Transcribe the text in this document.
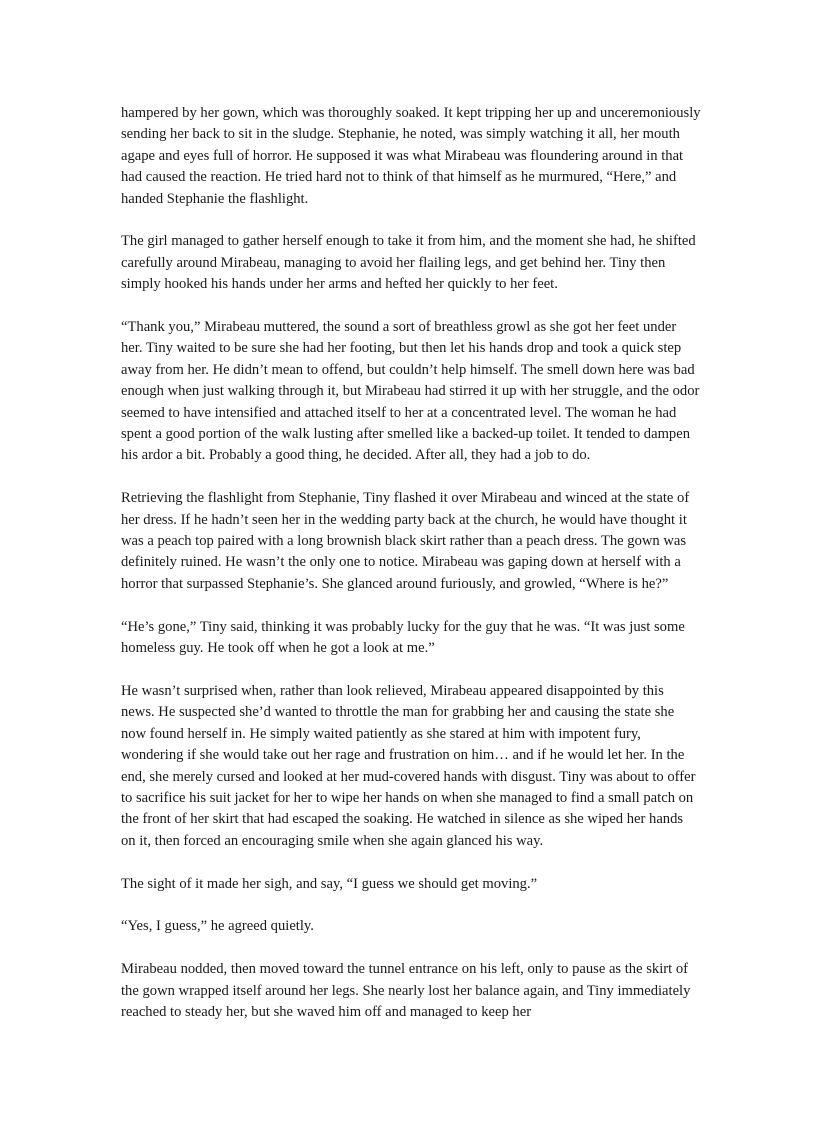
hampered by her gown, which was thoroughly soaked. It kept tripping her up and unceremoniously sending her back to sit in the sludge. Stephanie, he noted, was simply watching it all, her mouth agape and eyes full of horror. He supposed it was what Mirabeau was floundering around in that had caused the reaction. He tried hard not to think of that himself as he murmured, “Here,” and handed Stephanie the flashlight.

The girl managed to gather herself enough to take it from him, and the moment she had, he shifted carefully around Mirabeau, managing to avoid her flailing legs, and get behind her. Tiny then simply hooked his hands under her arms and hefted her quickly to her feet.

“Thank you,” Mirabeau muttered, the sound a sort of breathless growl as she got her feet under her. Tiny waited to be sure she had her footing, but then let his hands drop and took a quick step away from her. He didn’t mean to offend, but couldn’t help himself. The smell down here was bad enough when just walking through it, but Mirabeau had stirred it up with her struggle, and the odor seemed to have intensified and attached itself to her at a concentrated level. The woman he had spent a good portion of the walk lusting after smelled like a backed-up toilet. It tended to dampen his ardor a bit. Probably a good thing, he decided. After all, they had a job to do.

Retrieving the flashlight from Stephanie, Tiny flashed it over Mirabeau and winced at the state of her dress. If he hadn’t seen her in the wedding party back at the church, he would have thought it was a peach top paired with a long brownish black skirt rather than a peach dress. The gown was definitely ruined. He wasn’t the only one to notice. Mirabeau was gaping down at herself with a horror that surpassed Stephanie’s. She glanced around furiously, and growled, “Where is he?”

“He’s gone,” Tiny said, thinking it was probably lucky for the guy that he was. “It was just some homeless guy. He took off when he got a look at me.”

He wasn’t surprised when, rather than look relieved, Mirabeau appeared disappointed by this news. He suspected she’d wanted to throttle the man for grabbing her and causing the state she now found herself in. He simply waited patiently as she stared at him with impotent fury, wondering if she would take out her rage and frustration on him… and if he would let her. In the end, she merely cursed and looked at her mud-covered hands with disgust. Tiny was about to offer to sacrifice his suit jacket for her to wipe her hands on when she managed to find a small patch on the front of her skirt that had escaped the soaking. He watched in silence as she wiped her hands on it, then forced an encouraging smile when she again glanced his way.

The sight of it made her sigh, and say, “I guess we should get moving.”

“Yes, I guess,” he agreed quietly.

Mirabeau nodded, then moved toward the tunnel entrance on his left, only to pause as the skirt of the gown wrapped itself around her legs. She nearly lost her balance again, and Tiny immediately reached to steady her, but she waved him off and managed to keep her
